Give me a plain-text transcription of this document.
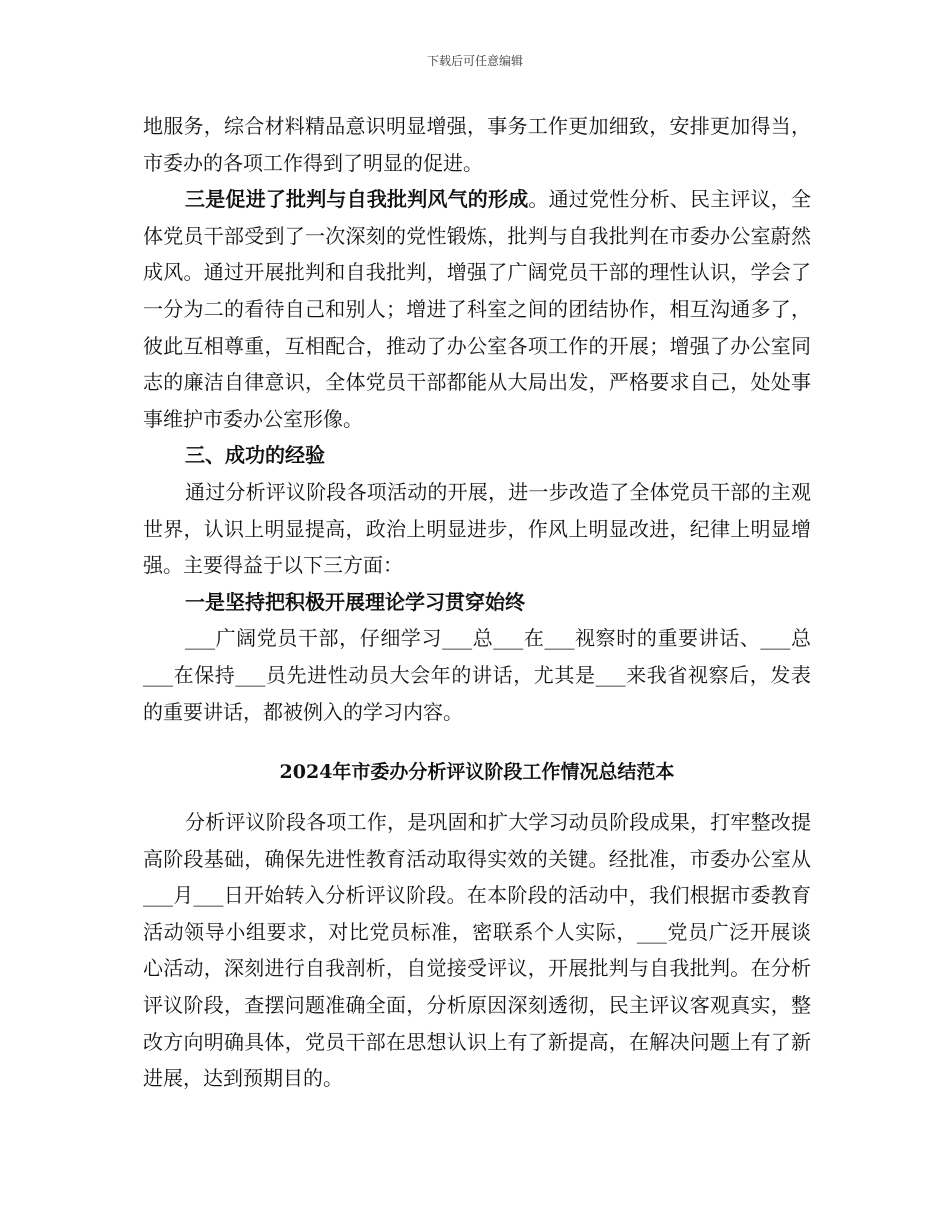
下载后可任意编辑

地服务，综合材料精品意识明显增强，事务工作更加细致，安排更加得当，市委办的各项工作得到了明显的促进。

三是促进了批判与自我批判风气的形成。通过党性分析、民主评议，全体党员干部受到了一次深刻的党性锻炼，批判与自我批判在市委办公室蔚然成风。通过开展批判和自我批判，增强了广阔党员干部的理性认识，学会了一分为二的看待自己和别人；增进了科室之间的团结协作，相互沟通多了，彼此互相尊重，互相配合，推动了办公室各项工作的开展；增强了办公室同志的廉洁自律意识，全体党员干部都能从大局出发，严格要求自己，处处事事维护市委办公室形像。

三、成功的经验

通过分析评议阶段各项活动的开展，进一步改造了全体党员干部的主观世界，认识上明显提高，政治上明显进步，作风上明显改进，纪律上明显增强。主要得益于以下三方面：

一是坚持把积极开展理论学习贯穿始终

___广阔党员干部，仔细学习___总___在___视察时的重要讲话、___总___在保持___员先进性动员大会年的讲话，尤其是___来我省视察后，发表的重要讲话，都被例入的学习内容。

2024年市委办分析评议阶段工作情况总结范本

分析评议阶段各项工作，是巩固和扩大学习动员阶段成果，打牢整改提高阶段基础，确保先进性教育活动取得实效的关键。经批准，市委办公室从___月___日开始转入分析评议阶段。在本阶段的活动中，我们根据市委教育活动领导小组要求，对比党员标准，密联系个人实际，___党员广泛开展谈心活动，深刻进行自我剖析，自觉接受评议，开展批判与自我批判。在分析评议阶段，查摆问题准确全面，分析原因深刻透彻，民主评议客观真实，整改方向明确具体，党员干部在思想认识上有了新提高，在解决问题上有了新进展，达到预期目的。
